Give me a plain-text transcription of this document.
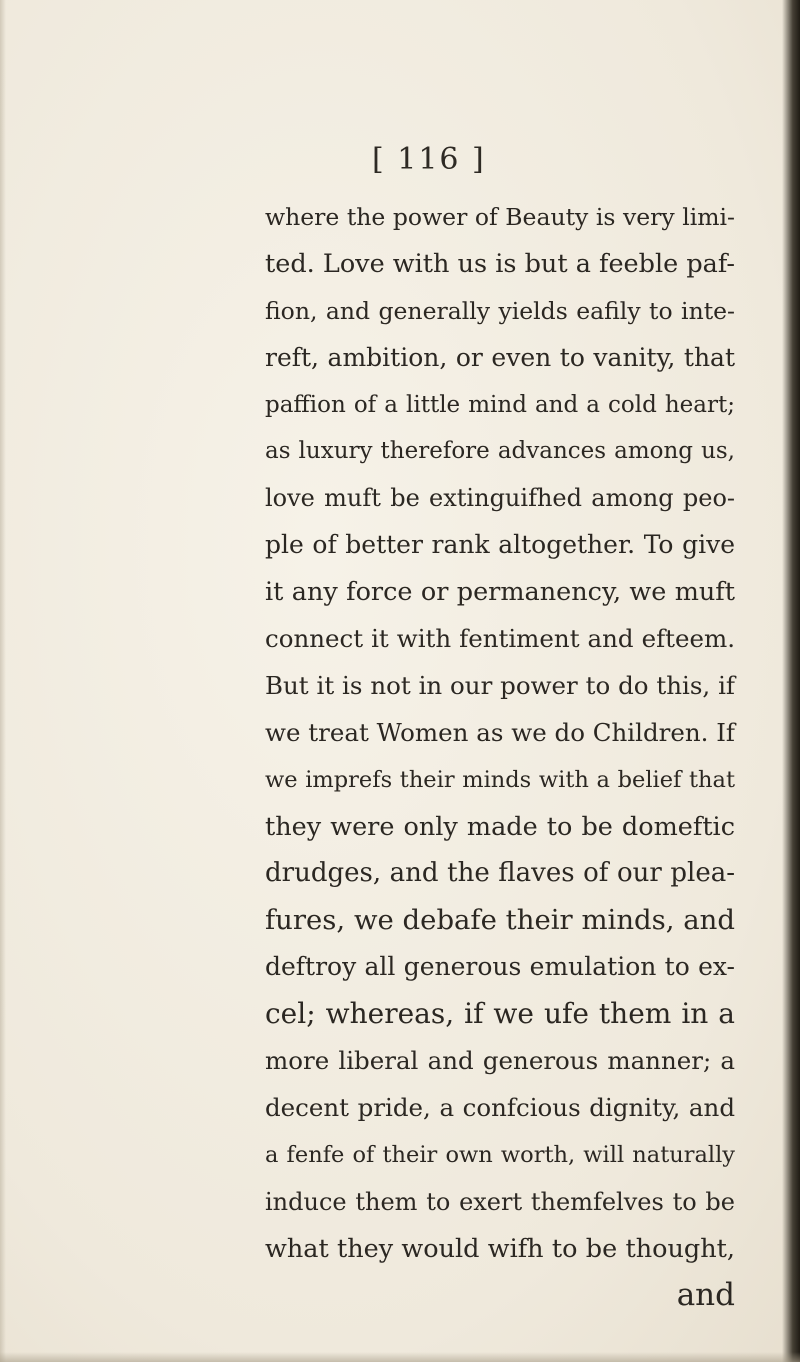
[ 116 ]
where the power of Beauty is very limi-
ted. Love with us is but a feeble paf-
fion, and generally yields eafily to inte-
reft, ambition, or even to vanity, that
paffion of a little mind and a cold heart;
as luxury therefore advances among us,
love muft be extinguifhed among peo-
ple of better rank altogether. To give
it any force or permanency, we muft
connect it with fentiment and efteem.
But it is not in our power to do this, if
we treat Women as we do Children. If
we imprefs their minds with a belief that
they were only made to be domeftic
drudges, and the flaves of our plea-
fures, we debafe their minds, and
deftroy all generous emulation to ex-
cel; whereas, if we ufe them in a
more liberal and generous manner; a
decent pride, a confcious dignity, and
a fenfe of their own worth, will naturally
induce them to exert themfelves to be
what they would wifh to be thought,
and
